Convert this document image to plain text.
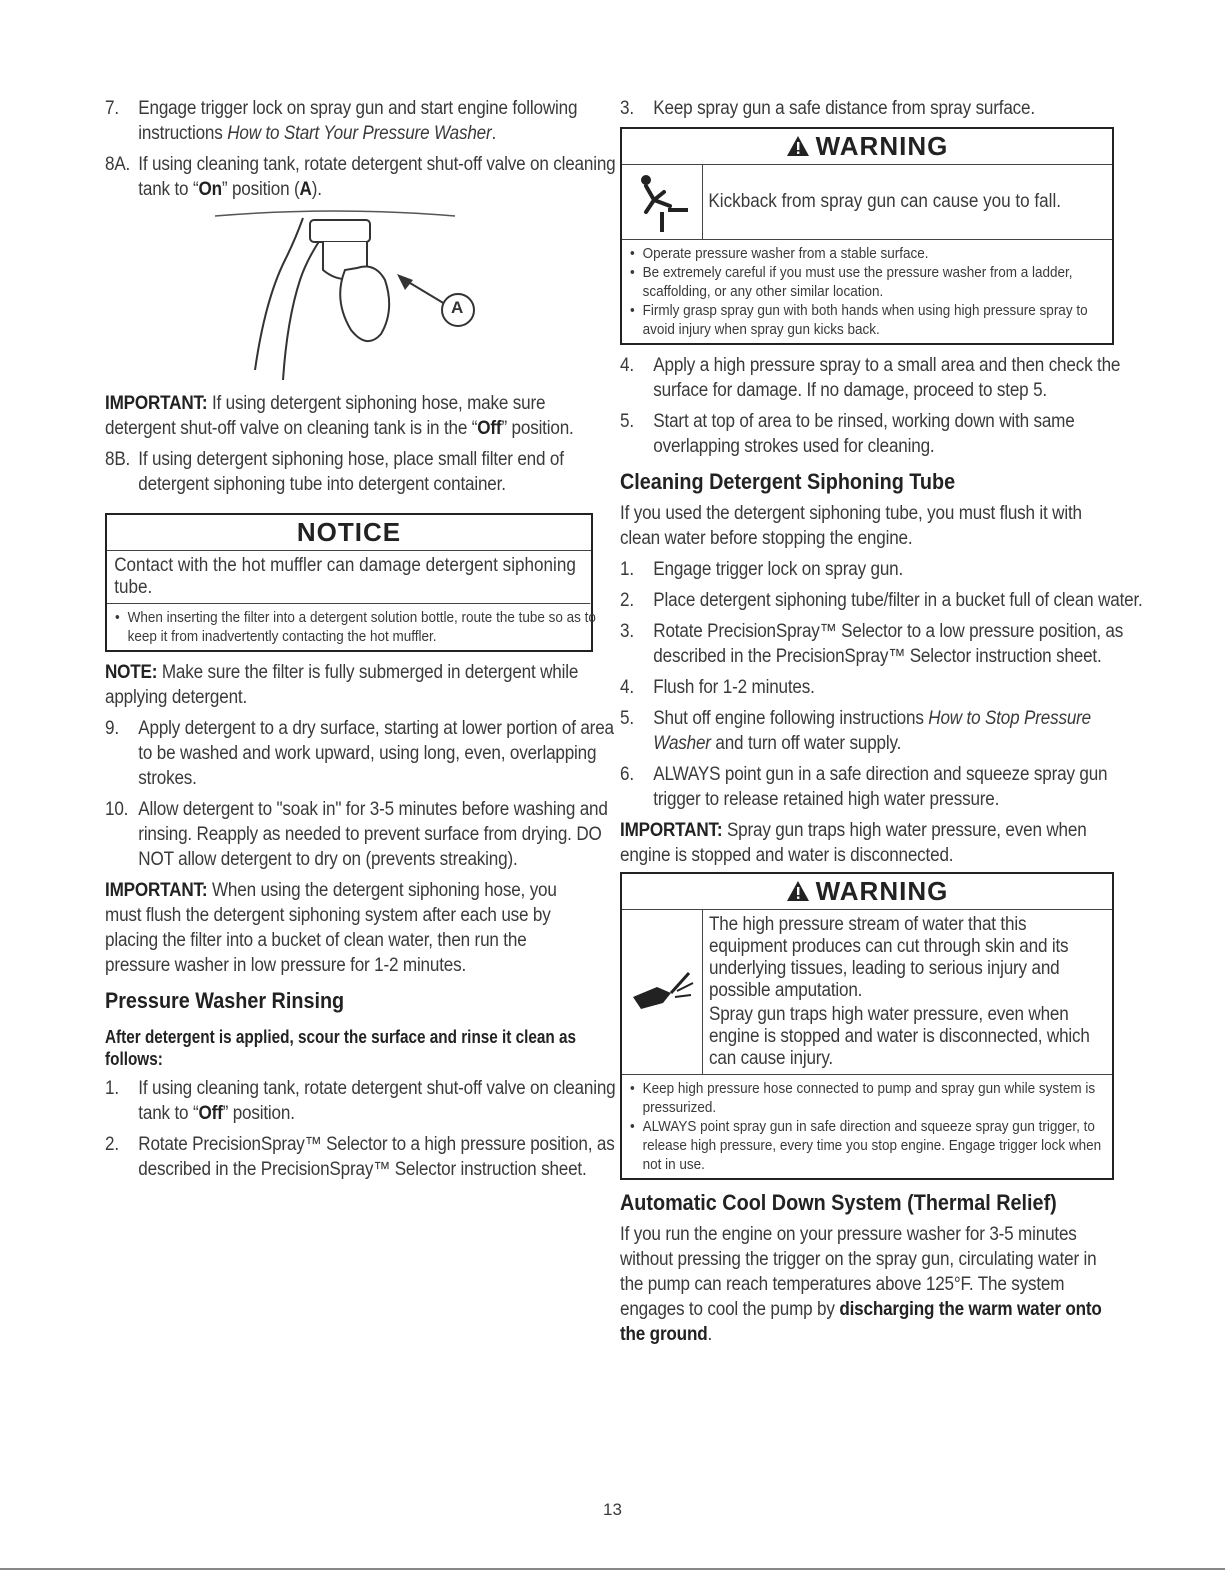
7. Engage trigger lock on spray gun and start engine following instructions How to Start Your Pressure Washer.
8A. If using cleaning tank, rotate detergent shut-off valve on cleaning tank to “On” position (A).
A

IMPORTANT: If using detergent siphoning hose, make sure detergent shut-off valve on cleaning tank is in the “Off” position.

8B. If using detergent siphoning hose, place small filter end of detergent siphoning tube into detergent container.
NOTICE
Contact with the hot muffler can damage detergent siphoning tube.
• When inserting the filter into a detergent solution bottle, route the tube so as to keep it from inadvertently contacting the hot muffler.

NOTE: Make sure the filter is fully submerged in detergent while applying detergent.

9. Apply detergent to a dry surface, starting at lower portion of area to be washed and work upward, using long, even, overlapping strokes.
10. Allow detergent to "soak in" for 3-5 minutes before washing and rinsing. Reapply as needed to prevent surface from drying. DO NOT allow detergent to dry on (prevents streaking).

IMPORTANT: When using the detergent siphoning hose, you must flush the detergent siphoning system after each use by placing the filter into a bucket of clean water, then run the pressure washer in low pressure for 1-2 minutes.

Pressure Washer Rinsing
After detergent is applied, scour the surface and rinse it clean as follows:
1. If using cleaning tank, rotate detergent shut-off valve on cleaning tank to “Off” position.
2. Rotate PrecisionSpray™ Selector to a high pressure position, as described in the PrecisionSpray™ Selector instruction sheet.
3. Keep spray gun a safe distance from spray surface.
WARNING
Kickback from spray gun can cause you to fall.
• Operate pressure washer from a stable surface.
• Be extremely careful if you must use the pressure washer from a ladder, scaffolding, or any other similar location.
• Firmly grasp spray gun with both hands when using high pressure spray to avoid injury when spray gun kicks back.
4. Apply a high pressure spray to a small area and then check the surface for damage. If no damage, proceed to step 5.
5. Start at top of area to be rinsed, working down with same overlapping strokes used for cleaning.
Cleaning Detergent Siphoning Tube

If you used the detergent siphoning tube, you must flush it with clean water before stopping the engine.

1. Engage trigger lock on spray gun.
2. Place detergent siphoning tube/filter in a bucket full of clean water.
3. Rotate PrecisionSpray™ Selector to a low pressure position, as described in the PrecisionSpray™ Selector instruction sheet.
4. Flush for 1-2 minutes.
5. Shut off engine following instructions How to Stop Pressure Washer and turn off water supply.
6. ALWAYS point gun in a safe direction and squeeze spray gun trigger to release retained high water pressure.

IMPORTANT: Spray gun traps high water pressure, even when engine is stopped and water is disconnected.

WARNING

The high pressure stream of water that this equipment produces can cut through skin and its underlying tissues, leading to serious injury and possible amputation.

Spray gun traps high water pressure, even when engine is stopped and water is disconnected, which can cause injury.

• Keep high pressure hose connected to pump and spray gun while system is pressurized.
• ALWAYS point spray gun in safe direction and squeeze spray gun trigger, to release high pressure, every time you stop engine. Engage trigger lock when not in use.
Automatic Cool Down System (Thermal Relief)

If you run the engine on your pressure washer for 3-5 minutes without pressing the trigger on the spray gun, circulating water in the pump can reach temperatures above 125°F. The system engages to cool the pump by discharging the warm water onto the ground.

13
